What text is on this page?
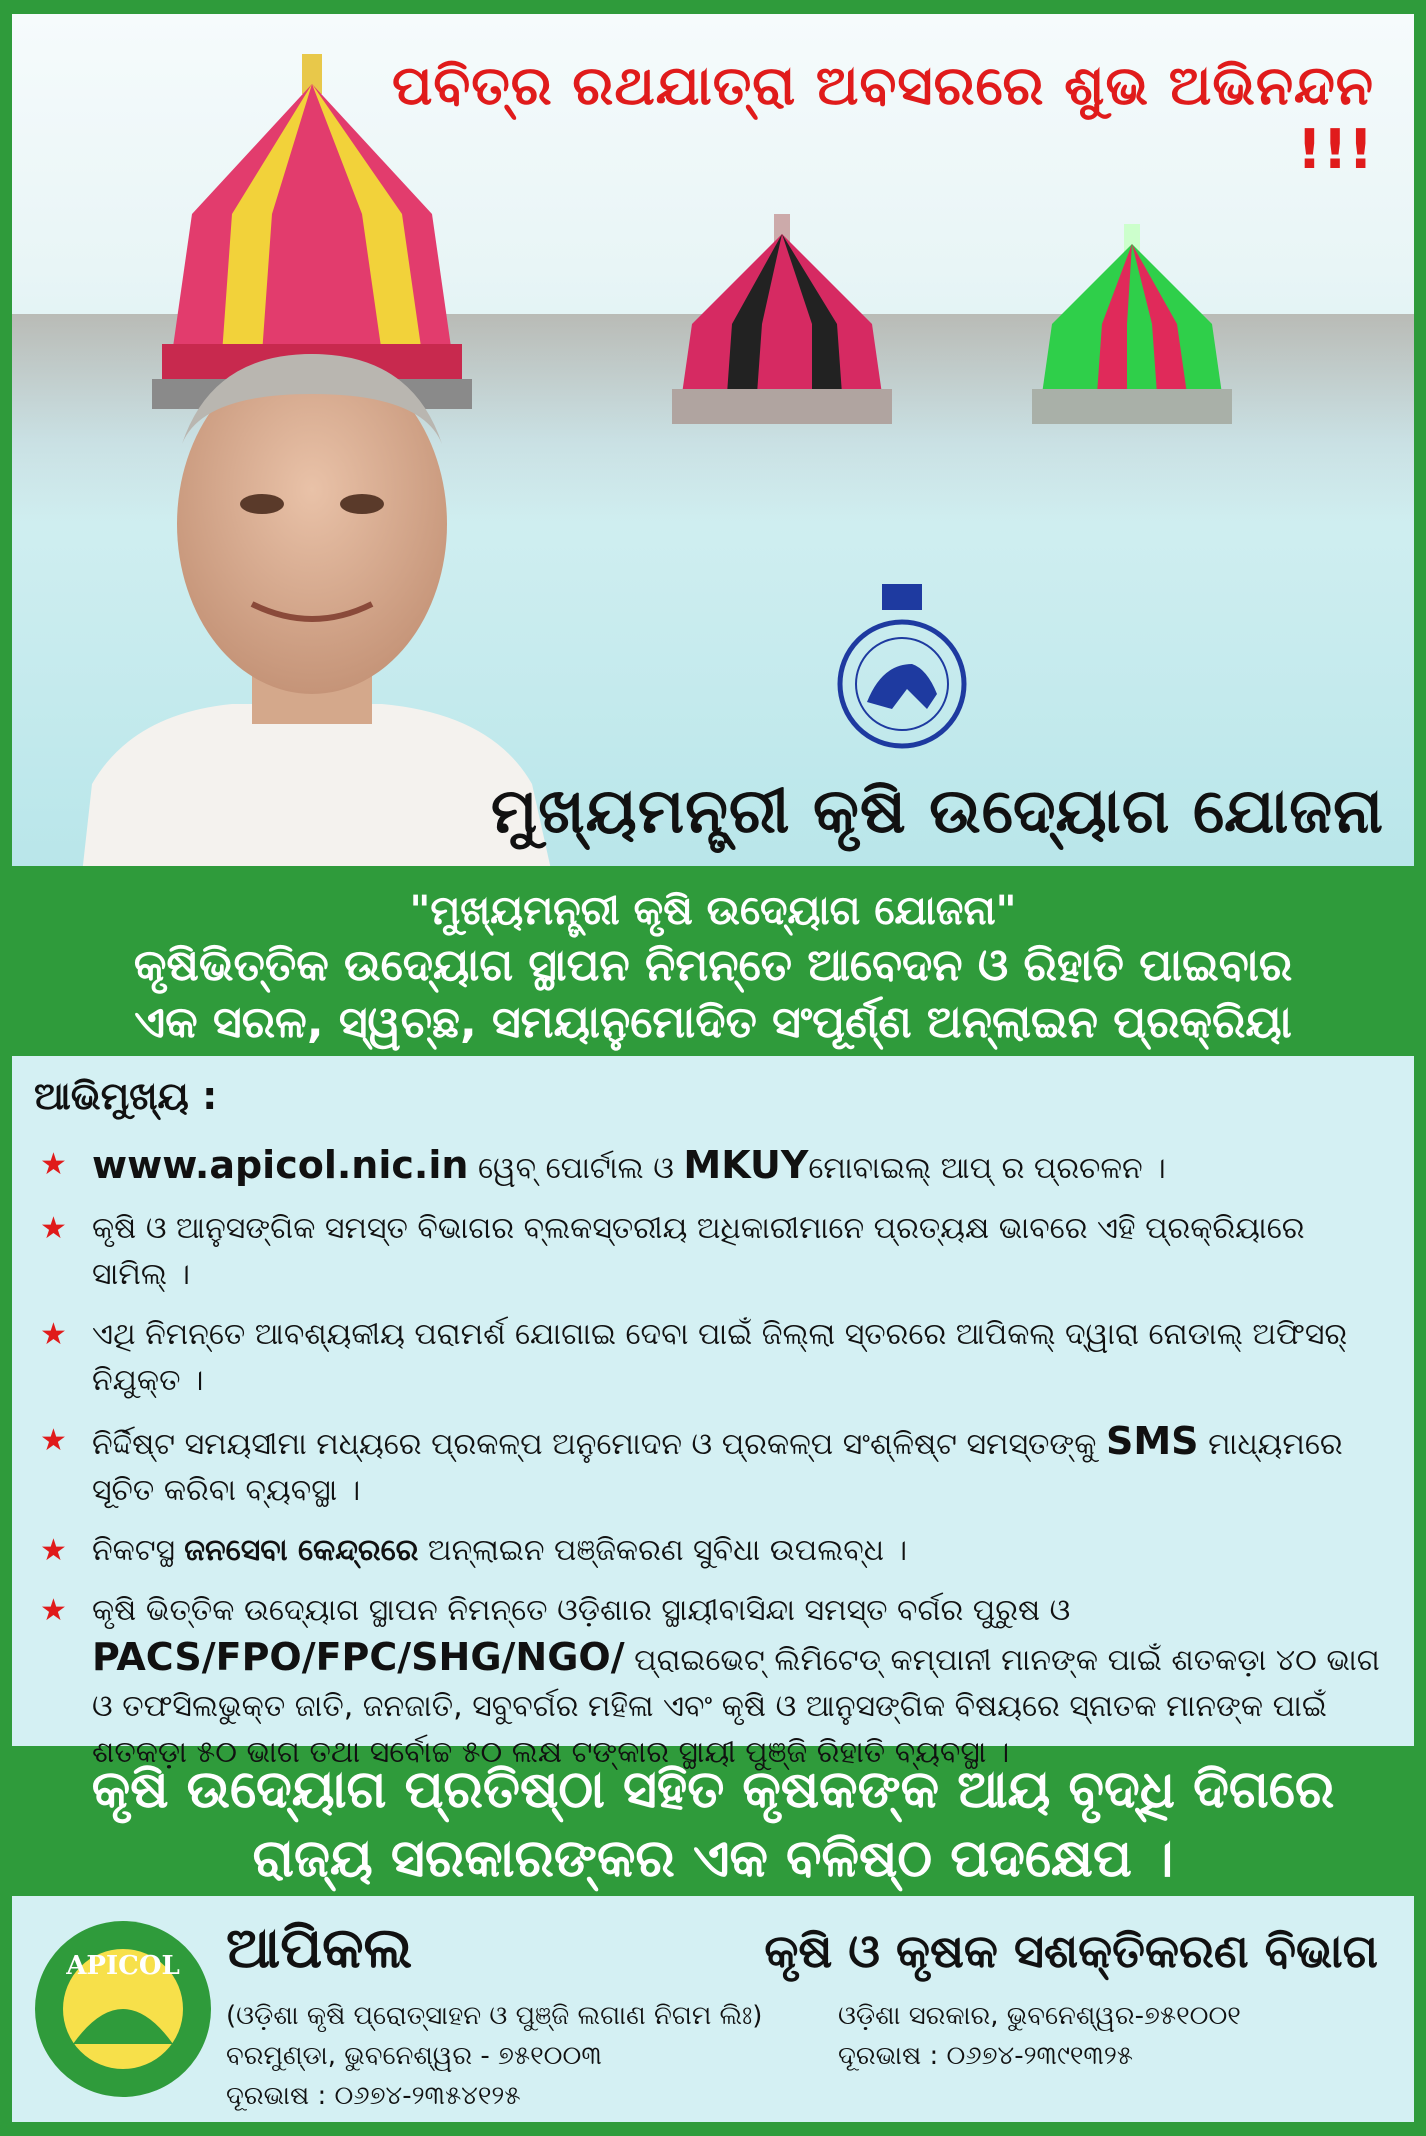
ପବିତ୍ର ରଥଯାତ୍ରା ଅବସରରେ ଶୁଭ ଅଭିନନ୍ଦନ !!!
ମୁଖ୍ୟମନ୍ତ୍ରୀ କୃଷି ଉଦ୍ୟୋଗ ଯୋଜନା
"ମୁଖ୍ୟମନ୍ତ୍ରୀ କୃଷି ଉଦ୍ୟୋଗ ଯୋଜନା"
କୃଷିଭିତ୍ତିକ ଉଦ୍ୟୋଗ ସ୍ଥାପନ ନିମନ୍ତେ ଆବେଦନ ଓ ରିହାତି ପାଇବାର
ଏକ ସରଳ, ସ୍ୱଚ୍ଛ, ସମୟାନୁମୋଦିତ ସଂପୂର୍ଣ୍ଣ ଅନ୍‌ଲାଇନ ପ୍ରକ୍ରିୟା
ଆଭିମୁଖ୍ୟ :
★ www.apicol.nic.in ୱେବ୍ ପୋର୍ଟାଲ ଓ MKUYମୋବାଇଲ୍ ଆପ୍ ର ପ୍ରଚଳନ ।
★ କୃଷି ଓ ଆନୁସଙ୍ଗିକ ସମସ୍ତ ବିଭାଗର ବ୍ଲକସ୍ତରୀୟ ଅଧିକାରୀମାନେ ପ୍ରତ୍ୟକ୍ଷ ଭାବରେ ଏହି ପ୍ରକ୍ରିୟାରେ ସାମିଲ୍ ।
★ ଏଥି ନିମନ୍ତେ ଆବଶ୍ୟକୀୟ ପରାମର୍ଶ ଯୋଗାଇ ଦେବା ପାଇଁ ଜିଲ୍ଲା ସ୍ତରରେ ଆପିକଲ୍ ଦ୍ୱାରା ନୋଡାଲ୍ ଅଫିସର୍ ନିଯୁକ୍ତ ।
★ ନିର୍ଦ୍ଦିଷ୍ଟ ସମୟସୀମା ମଧ୍ୟରେ ପ୍ରକଳ୍ପ ଅନୁମୋଦନ ଓ ପ୍ରକଳ୍ପ ସଂଶ୍ଳିଷ୍ଟ ସମସ୍ତଙ୍କୁ SMS ମାଧ୍ୟମରେ ସୂଚିତ କରିବା ବ୍ୟବସ୍ଥା ।
★ ନିକଟସ୍ଥ ଜନସେବା କେନ୍ଦ୍ରରେ ଅନ୍‌ଲାଇନ ପଞ୍ଜିକରଣ ସୁବିଧା ଉପଲବ୍ଧ ।
★ କୃଷି ଭିତ୍ତିକ ଉଦ୍ୟୋଗ ସ୍ଥାପନ ନିମନ୍ତେ ଓଡ଼ିଶାର ସ୍ଥାୟୀବାସିନ୍ଦା ସମସ୍ତ ବର୍ଗର ପୁରୁଷ ଓ PACS/FPO/FPC/SHG/NGO/ ପ୍ରାଇଭେଟ୍ ଲିମିଟେଡ୍ କମ୍ପାନୀ ମାନଙ୍କ ପାଇଁ ଶତକଡ଼ା ୪୦ ଭାଗ ଓ ତଫସିଲଭୁକ୍ତ ଜାତି, ଜନଜାତି, ସବୁବର୍ଗର ମହିଳା ଏବଂ କୃଷି ଓ ଆନୁସଙ୍ଗିକ ବିଷୟରେ ସ୍ନାତକ ମାନଙ୍କ ପାଇଁ ଶତକଡ଼ା ୫୦ ଭାଗ ତଥା ସର୍ବୋଚ୍ଚ ୫୦ ଲକ୍ଷ ଟଙ୍କାର ସ୍ଥାୟୀ ପୁଞ୍ଜି ରିହାତି ବ୍ୟବସ୍ଥା ।
କୃଷି ଉଦ୍ୟୋଗ ପ୍ରତିଷ୍ଠା ସହିତ କୃଷକଙ୍କ ଆୟ ବୃଦ୍ଧି ଦିଗରେ
ରାଜ୍ୟ ସରକାରଙ୍କର ଏକ ବଳିଷ୍ଠ ପଦକ୍ଷେପ ।
APICOL ଆପିକଲ
(ଓଡ଼ିଶା କୃଷି ପ୍ରୋତ୍ସାହନ ଓ ପୁଞ୍ଜି ଲଗାଣ ନିଗମ ଲିଃ)
ବରମୁଣ୍ଡା, ଭୁବନେଶ୍ୱର - ୭୫୧୦୦୩
ଦୂରଭାଷ : ୦୬୭୪-୨୩୫୪୧୨୫
କୃଷି ଓ କୃଷକ ସଶକ୍ତିକରଣ ବିଭାଗ
ଓଡ଼ିଶା ସରକାର, ଭୁବନେଶ୍ୱର-୭୫୧୦୦୧
ଦୂରଭାଷ : ୦୬୭୪-୨୩୯୧୩୨୫
